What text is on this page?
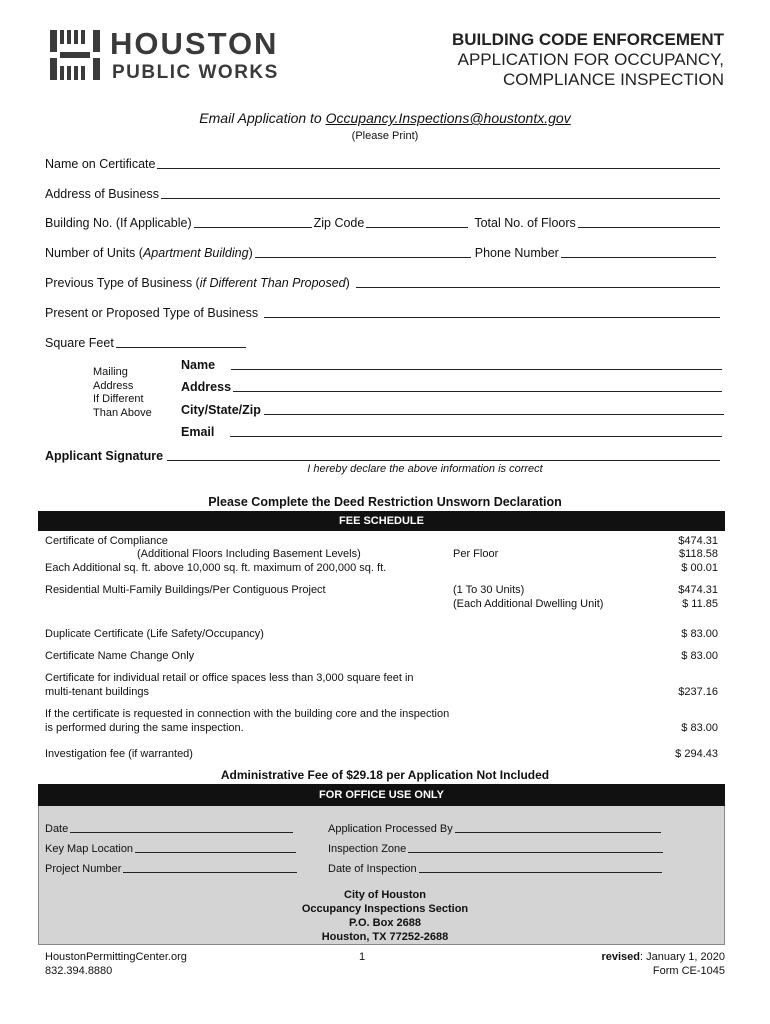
HOUSTON
PUBLIC WORKS
BUILDING CODE ENFORCEMENT
APPLICATION FOR OCCUPANCY,
COMPLIANCE INSPECTION
Email Application to Occupancy.Inspections@houstontx.gov
(Please Print)
Name on Certificate
Address of Business
Building No. (If Applicable)	Zip Code	Total No. of Floors
Number of Units (Apartment Building)	Phone Number
Previous Type of Business (if Different Than Proposed)
Present or Proposed Type of Business
Square Feet
Mailing
Address
If Different
Than Above
Name
Address
City/State/Zip
Email
Applicant Signature
I hereby declare the above information is correct
Please Complete the Deed Restriction Unsworn Declaration
FEE SCHEDULE
Certificate of Compliance	$474.31
(Additional Floors Including Basement Levels)	Per Floor	$118.58
Each Additional sq. ft. above 10,000 sq. ft. maximum of 200,000 sq. ft.	$ 00.01
Residential Multi-Family Buildings/Per Contiguous Project	(1 To 30 Units)	$474.31
(Each Additional Dwelling Unit)	$ 11.85
Duplicate Certificate (Life Safety/Occupancy)	$ 83.00
Certificate Name Change Only	$ 83.00
Certificate for individual retail or office spaces less than 3,000 square feet in
multi-tenant buildings	$237.16
If the certificate is requested in connection with the building core and the inspection
is performed during the same inspection.	$ 83.00
Investigation fee (if warranted)	$ 294.43
Administrative Fee of $29.18 per Application Not Included
FOR OFFICE USE ONLY
Date
Key Map Location
Project Number
Application Processed By
Inspection Zone
Date of Inspection
City of Houston
Occupancy Inspections Section
P.O. Box 2688
Houston, TX 77252-2688
HoustonPermittingCenter.org
832.394.8880
1	revised: January 1, 2020
Form CE-1045
